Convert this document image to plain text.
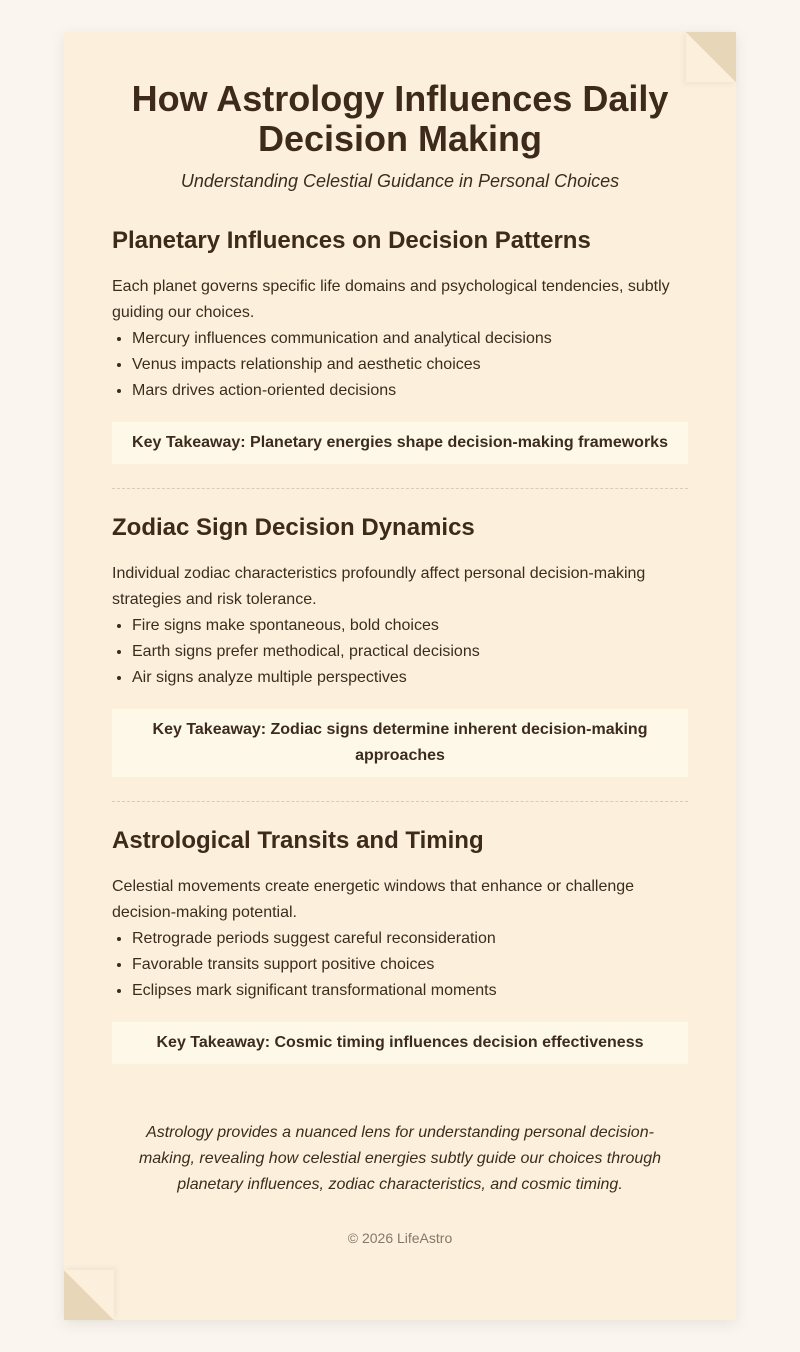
How Astrology Influences Daily Decision Making
Understanding Celestial Guidance in Personal Choices
Planetary Influences on Decision Patterns

Each planet governs specific life domains and psychological tendencies, subtly guiding our choices.

• Mercury influences communication and analytical decisions
• Venus impacts relationship and aesthetic choices
• Mars drives action-oriented decisions
Key Takeaway: Planetary energies shape decision-making frameworks
Zodiac Sign Decision Dynamics

Individual zodiac characteristics profoundly affect personal decision-making strategies and risk tolerance.

• Fire signs make spontaneous, bold choices
• Earth signs prefer methodical, practical decisions
• Air signs analyze multiple perspectives
Key Takeaway: Zodiac signs determine inherent decision-making approaches
Astrological Transits and Timing

Celestial movements create energetic windows that enhance or challenge decision-making potential.

• Retrograde periods suggest careful reconsideration
• Favorable transits support positive choices
• Eclipses mark significant transformational moments
Key Takeaway: Cosmic timing influences decision effectiveness
Astrology provides a nuanced lens for understanding personal decision-making, revealing how celestial energies subtly guide our choices through planetary influences, zodiac characteristics, and cosmic timing.
© 2026 LifeAstro
